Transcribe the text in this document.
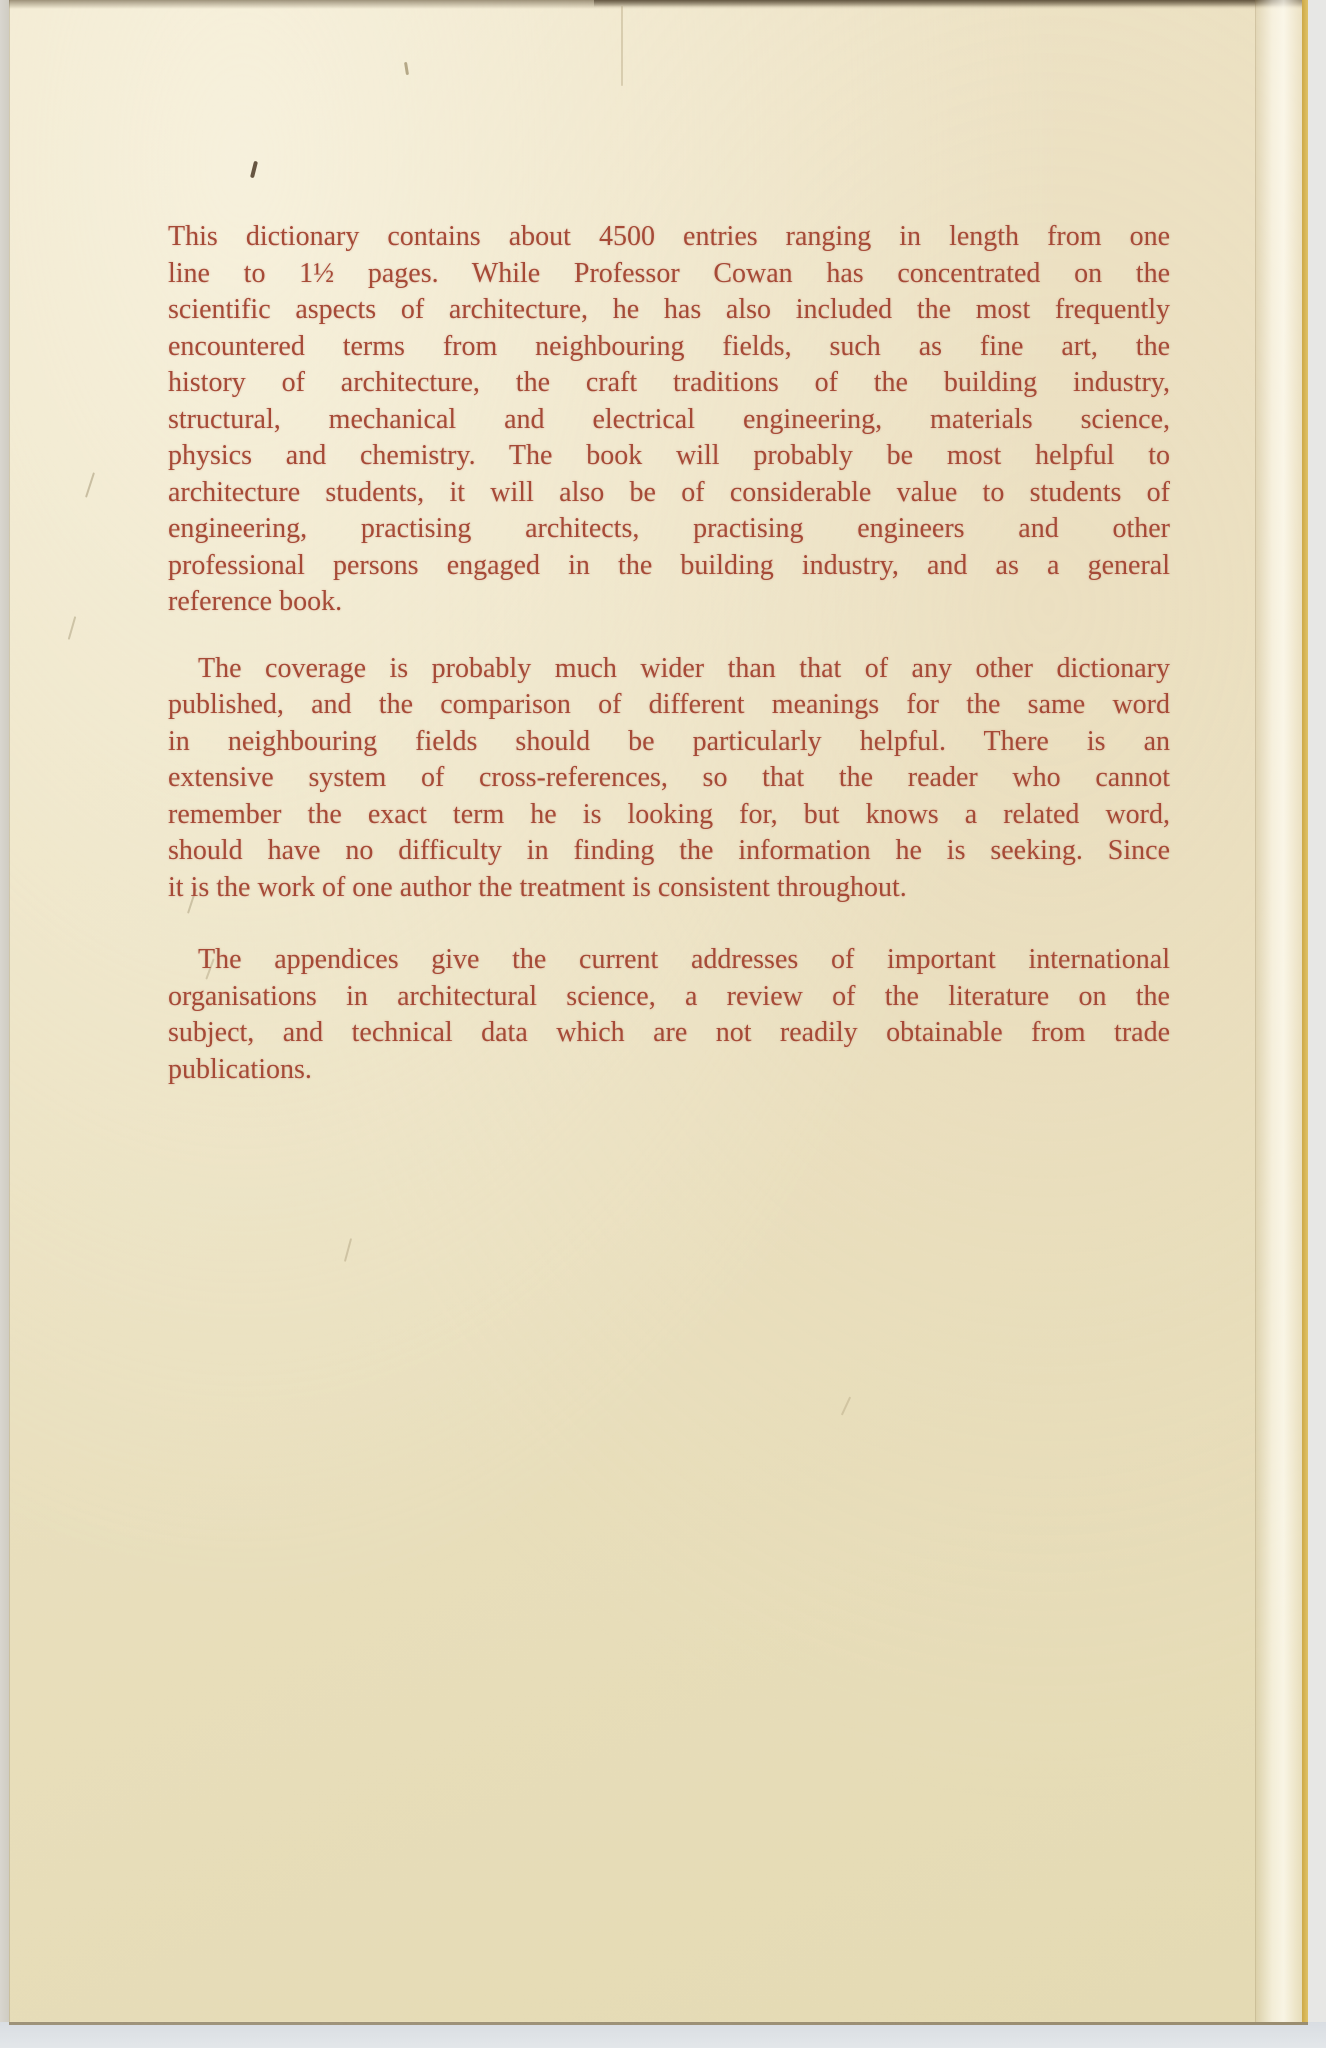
This dictionary contains about 4500 entries ranging in length from one
line to 1½ pages. While Professor Cowan has concentrated on the
scientific aspects of architecture, he has also included the most frequently
encountered terms from neighbouring fields, such as fine art, the
history of architecture, the craft traditions of the building industry,
structural, mechanical and electrical engineering, materials science,
physics and chemistry. The book will probably be most helpful to
architecture students, it will also be of considerable value to students of
engineering, practising architects, practising engineers and other
professional persons engaged in the building industry, and as a general
reference book.
The coverage is probably much wider than that of any other dictionary
published, and the comparison of different meanings for the same word
in neighbouring fields should be particularly helpful. There is an
extensive system of cross-references, so that the reader who cannot
remember the exact term he is looking for, but knows a related word,
should have no difficulty in finding the information he is seeking. Since
it is the work of one author the treatment is consistent throughout.
The appendices give the current addresses of important international
organisations in architectural science, a review of the literature on the
subject, and technical data which are not readily obtainable from trade
publications.
